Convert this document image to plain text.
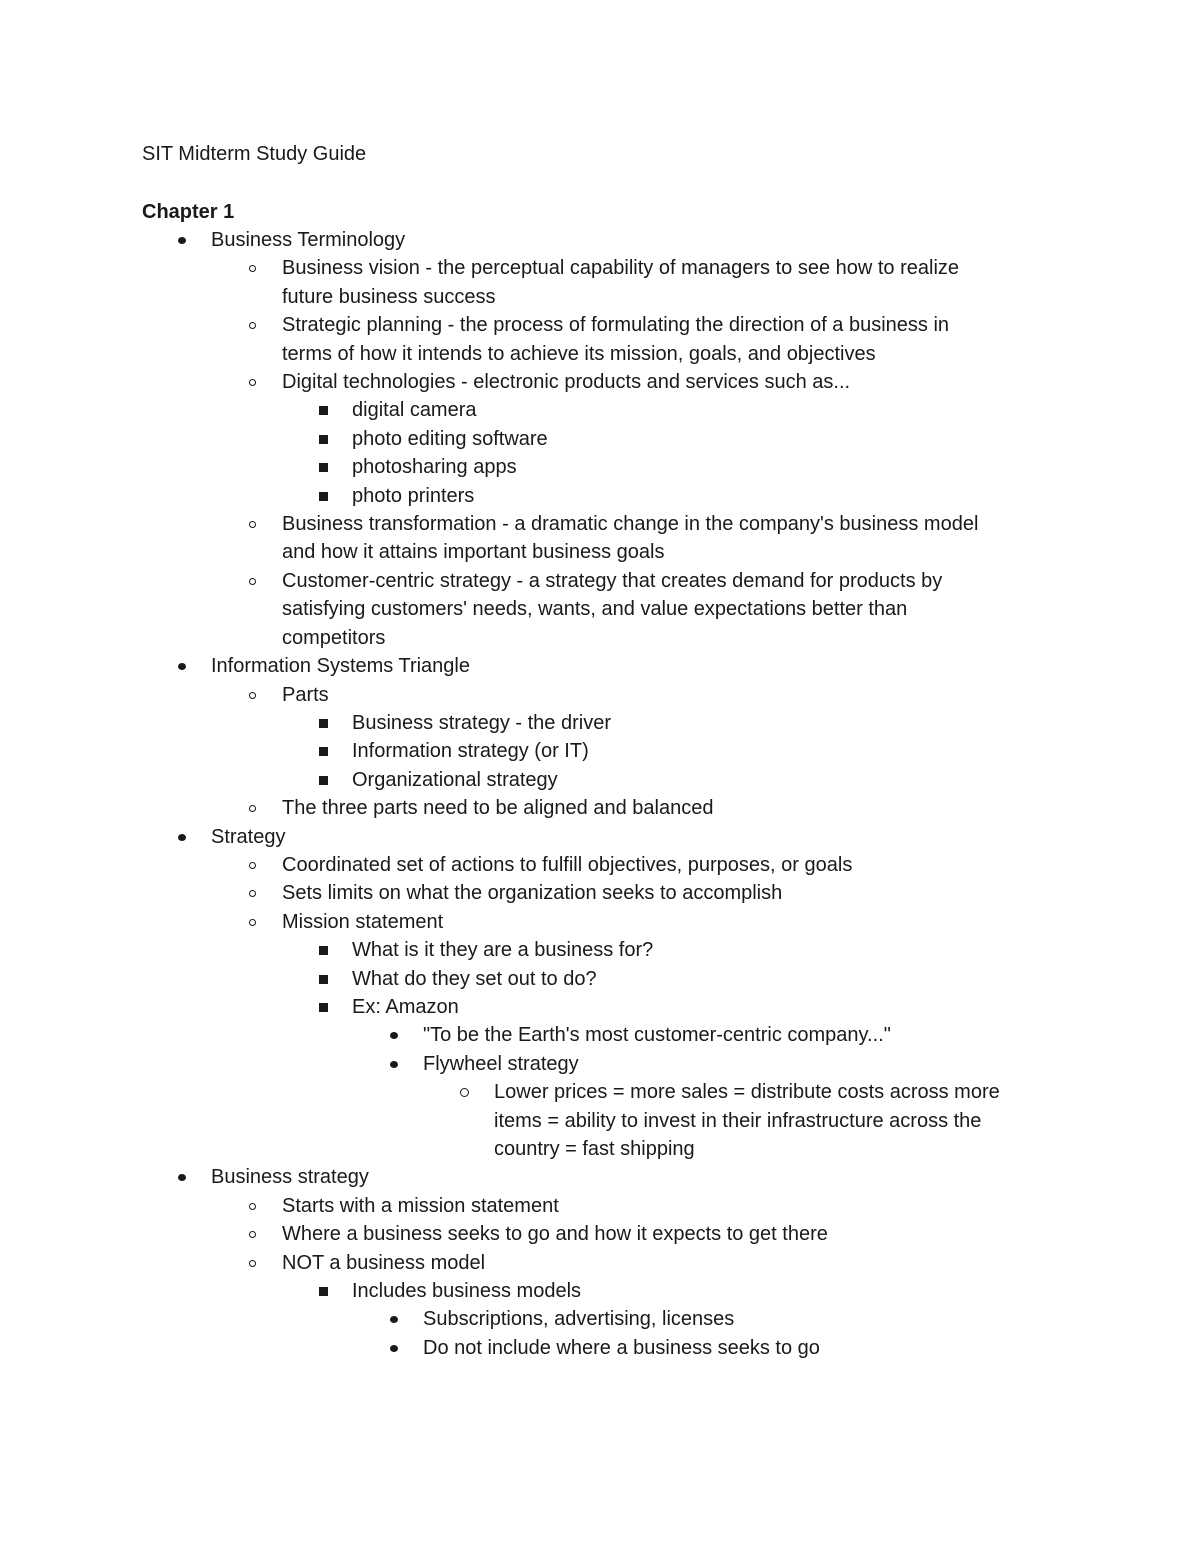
SIT Midterm Study Guide
Chapter 1
Business Terminology
Business vision - the perceptual capability of managers to see how to realize
future business success
Strategic planning - the process of formulating the direction of a business in
terms of how it intends to achieve its mission, goals, and objectives
Digital technologies - electronic products and services such as...
digital camera
photo editing software
photosharing apps
photo printers
Business transformation - a dramatic change in the company's business model
and how it attains important business goals
Customer-centric strategy - a strategy that creates demand for products by
satisfying customers' needs, wants, and value expectations better than
competitors
Information Systems Triangle
Parts
Business strategy - the driver
Information strategy (or IT)
Organizational strategy
The three parts need to be aligned and balanced
Strategy
Coordinated set of actions to fulfill objectives, purposes, or goals
Sets limits on what the organization seeks to accomplish
Mission statement
What is it they are a business for?
What do they set out to do?
Ex: Amazon
"To be the Earth's most customer-centric company..."
Flywheel strategy
Lower prices = more sales = distribute costs across more
items = ability to invest in their infrastructure across the
country = fast shipping
Business strategy
Starts with a mission statement
Where a business seeks to go and how it expects to get there
NOT a business model
Includes business models
Subscriptions, advertising, licenses
Do not include where a business seeks to go
